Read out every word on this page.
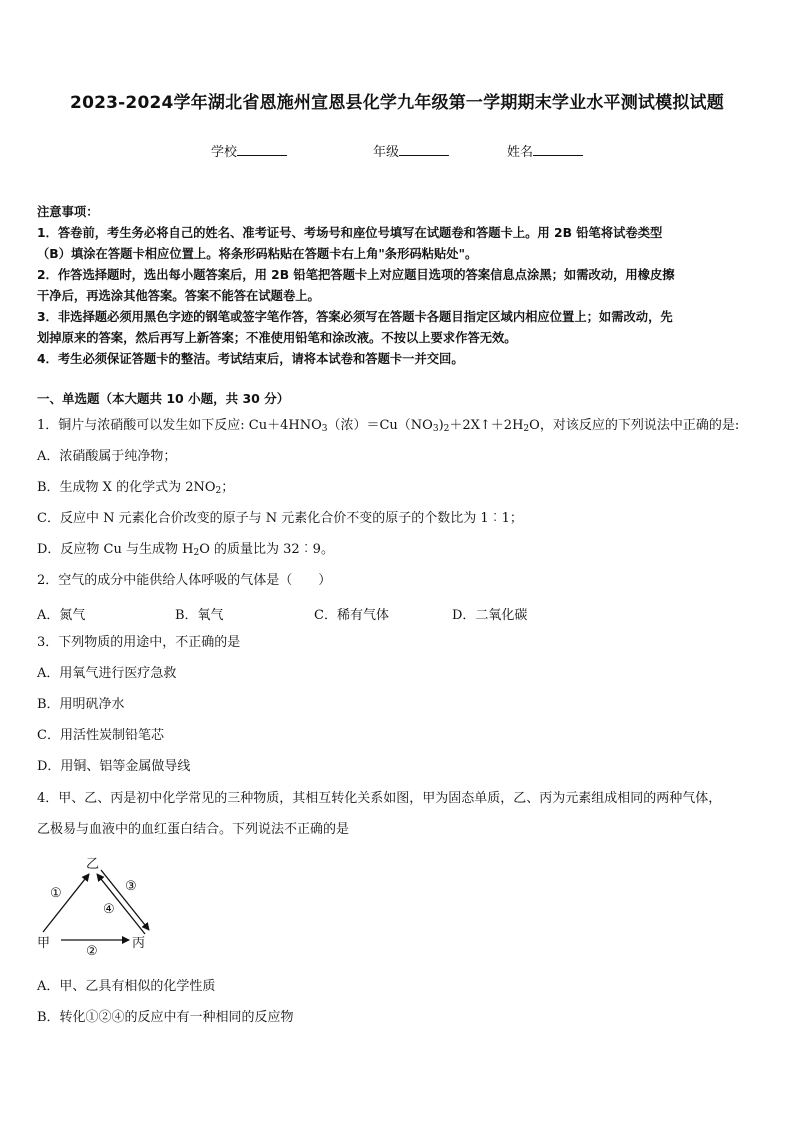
2023-2024学年湖北省恩施州宣恩县化学九年级第一学期期末学业水平测试模拟试题
学校	年级	姓名
注意事项：
1．答卷前，考生务必将自己的姓名、准考证号、考场号和座位号填写在试题卷和答题卡上。用 2B 铅笔将试卷类型
（B）填涂在答题卡相应位置上。将条形码粘贴在答题卡右上角"条形码粘贴处"。
2．作答选择题时，选出每小题答案后，用 2B 铅笔把答题卡上对应题目选项的答案信息点涂黑；如需改动，用橡皮擦
干净后，再选涂其他答案。答案不能答在试题卷上。
3．非选择题必须用黑色字迹的钢笔或签字笔作答，答案必须写在答题卡各题目指定区域内相应位置上；如需改动，先
划掉原来的答案，然后再写上新答案；不准使用铅笔和涂改液。不按以上要求作答无效。
4．考生必须保证答题卡的整洁。考试结束后，请将本试卷和答题卡一并交回。
一、单选题（本大题共 10 小题，共 30 分）
1．铜片与浓硝酸可以发生如下反应: $Cu+4HNO_3$（浓）$=Cu(NO_3)_2+2X↑+2H_2O$，对该反应的下列说法中正确的是:
A．浓硝酸属于纯净物；
B．生成物 X 的化学式为 $2NO_2$；
C．反应中 N 元素化合价改变的原子与 N 元素化合价不变的原子的个数比为 1︰1；
D．反应物 Cu 与生成物 $H_2O$ 的质量比为 32︰9。
2．空气的成分中能供给人体呼吸的气体是（　　）
A．氮气	B．氧气	C．稀有气体	D．二氧化碳
3．下列物质的用途中，不正确的是
A．用氧气进行医疗急救
B．用明矾净水
C．用活性炭制铅笔芯
D．用铜、铝等金属做导线
4．甲、乙、丙是初中化学常见的三种物质，其相互转化关系如图，甲为固态单质，乙、丙为元素组成相同的两种气体，
乙极易与血液中的血红蛋白结合。下列说法不正确的是
乙
甲	丙
①
②
③
④
A．甲、乙具有相似的化学性质
B．转化①②④的反应中有一种相同的反应物
